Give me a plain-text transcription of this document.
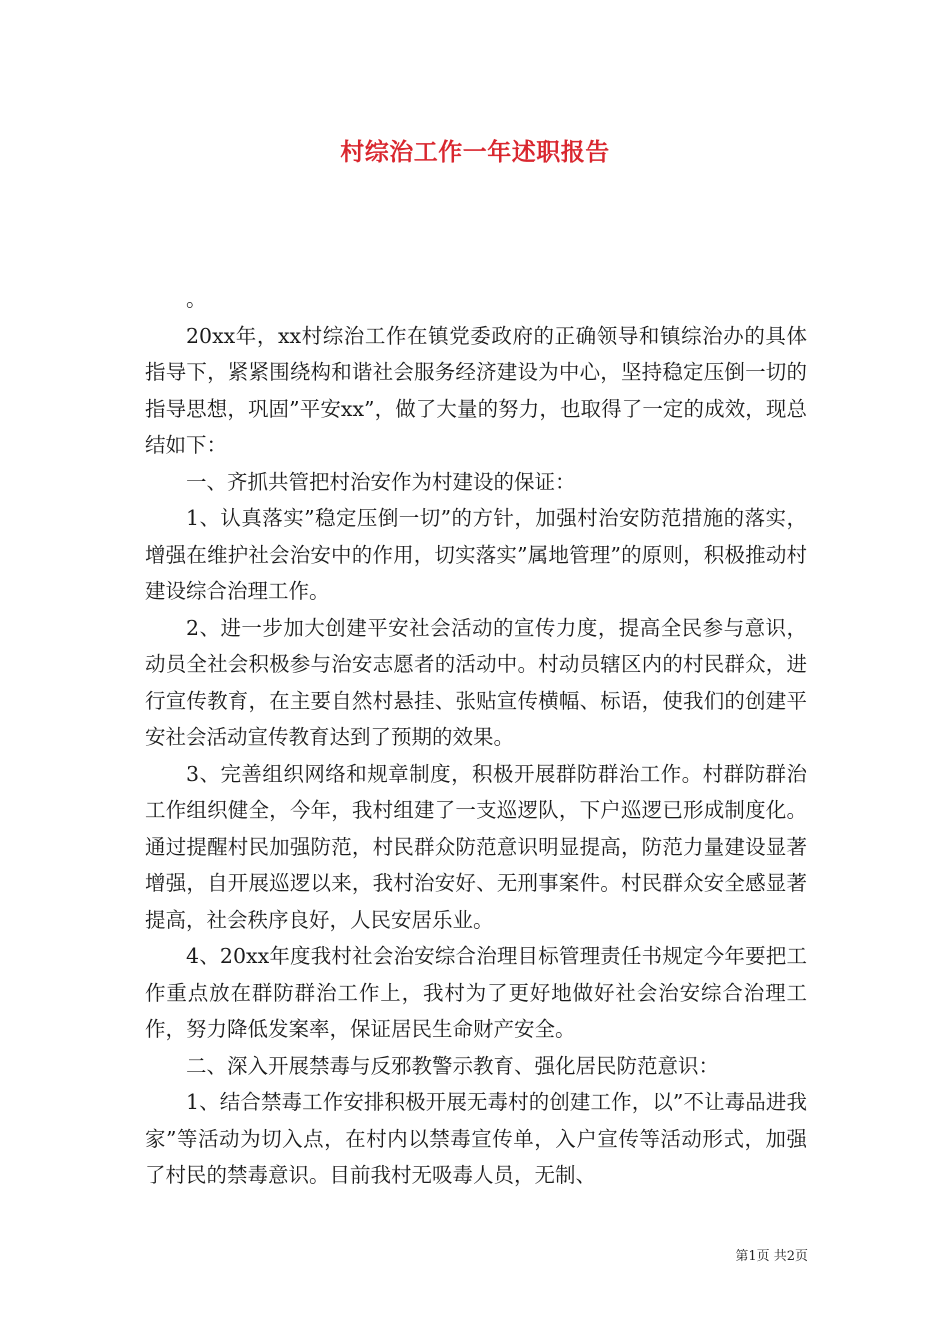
村综治工作一年述职报告

。

20xx年，xx村综治工作在镇党委政府的正确领导和镇综治办的具体指导下，紧紧围绕构和谐社会服务经济建设为中心，坚持稳定压倒一切的指导思想，巩固”平安xx”，做了大量的努力，也取得了一定的成效，现总结如下：

一、齐抓共管把村治安作为村建设的保证：

1、认真落实”稳定压倒一切”的方针，加强村治安防范措施的落实，增强在维护社会治安中的作用，切实落实”属地管理”的原则，积极推动村建设综合治理工作。

2、进一步加大创建平安社会活动的宣传力度，提高全民参与意识，动员全社会积极参与治安志愿者的活动中。村动员辖区内的村民群众，进行宣传教育，在主要自然村悬挂、张贴宣传横幅、标语，使我们的创建平安社会活动宣传教育达到了预期的效果。

3、完善组织网络和规章制度，积极开展群防群治工作。村群防群治工作组织健全，今年，我村组建了一支巡逻队，下户巡逻已形成制度化。通过提醒村民加强防范，村民群众防范意识明显提高，防范力量建设显著增强，自开展巡逻以来，我村治安好、无刑事案件。村民群众安全感显著提高，社会秩序良好，人民安居乐业。

4、20xx年度我村社会治安综合治理目标管理责任书规定今年要把工作重点放在群防群治工作上，我村为了更好地做好社会治安综合治理工作，努力降低发案率，保证居民生命财产安全。

二、深入开展禁毒与反邪教警示教育、强化居民防范意识：

1、结合禁毒工作安排积极开展无毒村的创建工作，以”不让毒品进我家”等活动为切入点，在村内以禁毒宣传单，入户宣传等活动形式，加强了村民的禁毒意识。目前我村无吸毒人员，无制、

第1页 共2页
